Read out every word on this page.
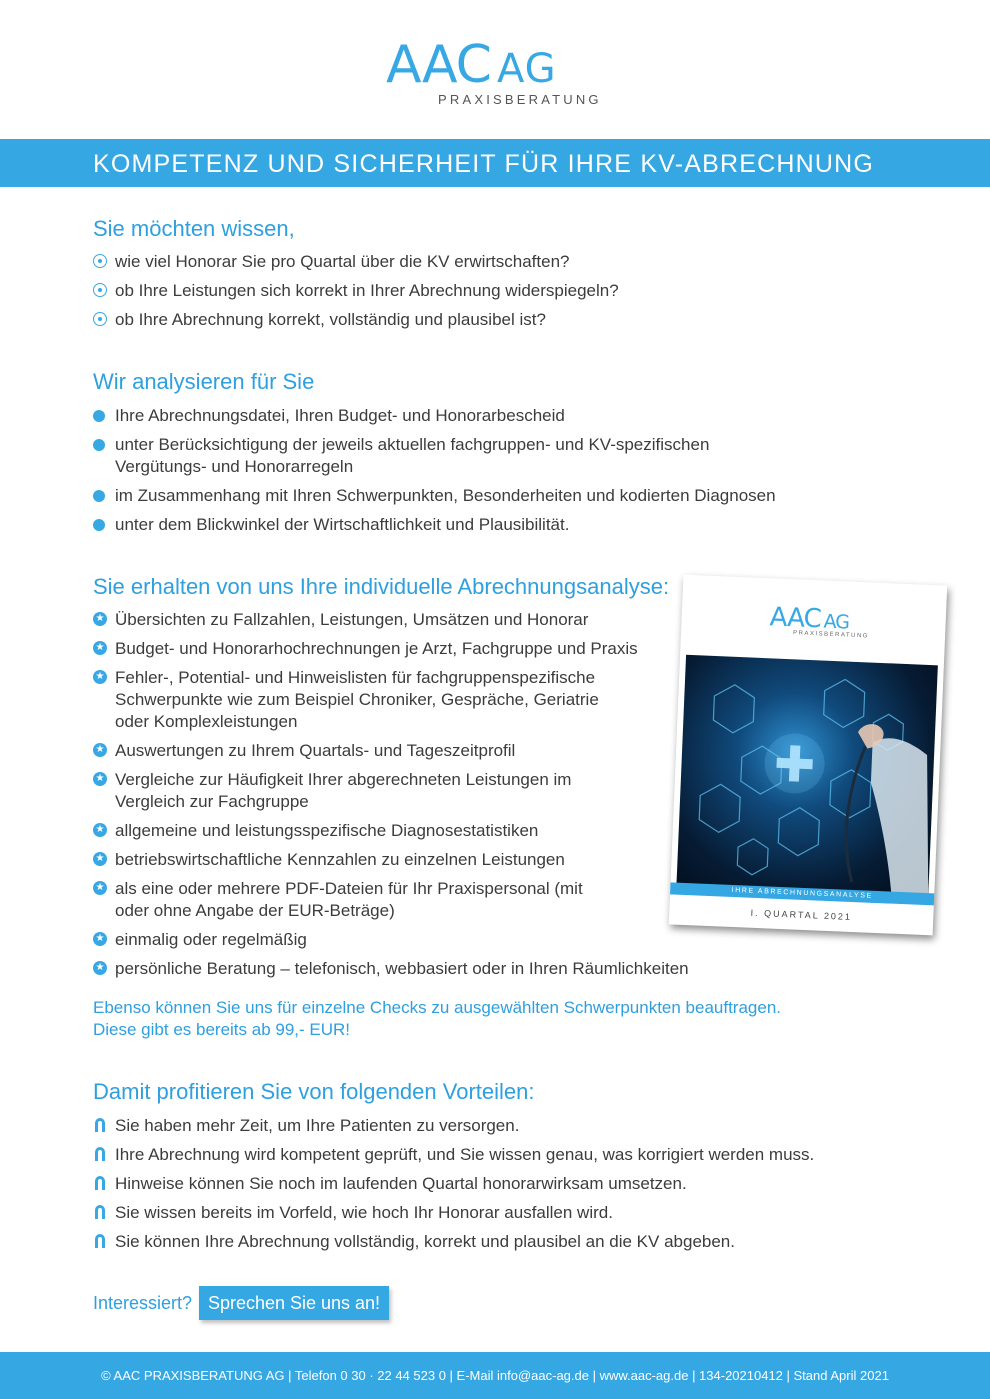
AAC AG
PRAXISBERATUNG
KOMPETENZ UND SICHERHEIT FÜR IHRE KV-ABRECHNUNG
Sie möchten wissen,
wie viel Honorar Sie pro Quartal über die KV erwirtschaften?
ob Ihre Leistungen sich korrekt in Ihrer Abrechnung widerspiegeln?
ob Ihre Abrechnung korrekt, vollständig und plausibel ist?
Wir analysieren für Sie
Ihre Abrechnungsdatei, Ihren Budget- und Honorarbescheid
unter Berücksichtigung der jeweils aktuellen fachgruppen- und KV-spezifischen Vergütungs- und Honorarregeln
im Zusammenhang mit Ihren Schwerpunkten, Besonderheiten und kodierten Diagnosen
unter dem Blickwinkel der Wirtschaftlichkeit und Plausibilität.
Sie erhalten von uns Ihre individuelle Abrechnungsanalyse:
★
Übersichten zu Fallzahlen, Leistungen, Umsätzen und Honorar
★
Budget- und Honorarhochrechnungen je Arzt, Fachgruppe und Praxis
★
Fehler-, Potential- und Hinweislisten für fachgruppenspezifische Schwerpunkte wie zum Beispiel Chroniker, Gespräche, Geriatrie oder Komplexleistungen
★
Auswertungen zu Ihrem Quartals- und Tageszeitprofil
★
Vergleiche zur Häufigkeit Ihrer abgerechneten Leistungen im Vergleich zur Fachgruppe
★
allgemeine und leistungsspezifische Diagnosestatistiken
★
betriebswirtschaftliche Kennzahlen zu einzelnen Leistungen
★
als eine oder mehrere PDF-Dateien für Ihr Praxispersonal (mit oder ohne Angabe der EUR-Beträge)
★
einmalig oder regelmäßig
★
persönliche Beratung – telefonisch, webbasiert oder in Ihren Räumlichkeiten
AACAG
PRAXISBERATUNG
IHRE ABRECHNUNGSANALYSE
I. QUARTAL 2021
Ebenso können Sie uns für einzelne Checks zu ausgewählten Schwerpunkten beauftragen.
Diese gibt es bereits ab 99,- EUR!
Damit profitieren Sie von folgenden Vorteilen:
Sie haben mehr Zeit, um Ihre Patienten zu versorgen.
Ihre Abrechnung wird kompetent geprüft, und Sie wissen genau, was korrigiert werden muss.
Hinweise können Sie noch im laufenden Quartal honorarwirksam umsetzen.
Sie wissen bereits im Vorfeld, wie hoch Ihr Honorar ausfallen wird.
Sie können Ihre Abrechnung vollständig, korrekt und plausibel an die KV abgeben.
Interessiert? Sprechen Sie uns an!
© AAC PRAXISBERATUNG AG | Telefon 0 30 · 22 44 523 0 | E-Mail info@aac-ag.de | www.aac-ag.de | 134-20210412 | Stand April 2021
